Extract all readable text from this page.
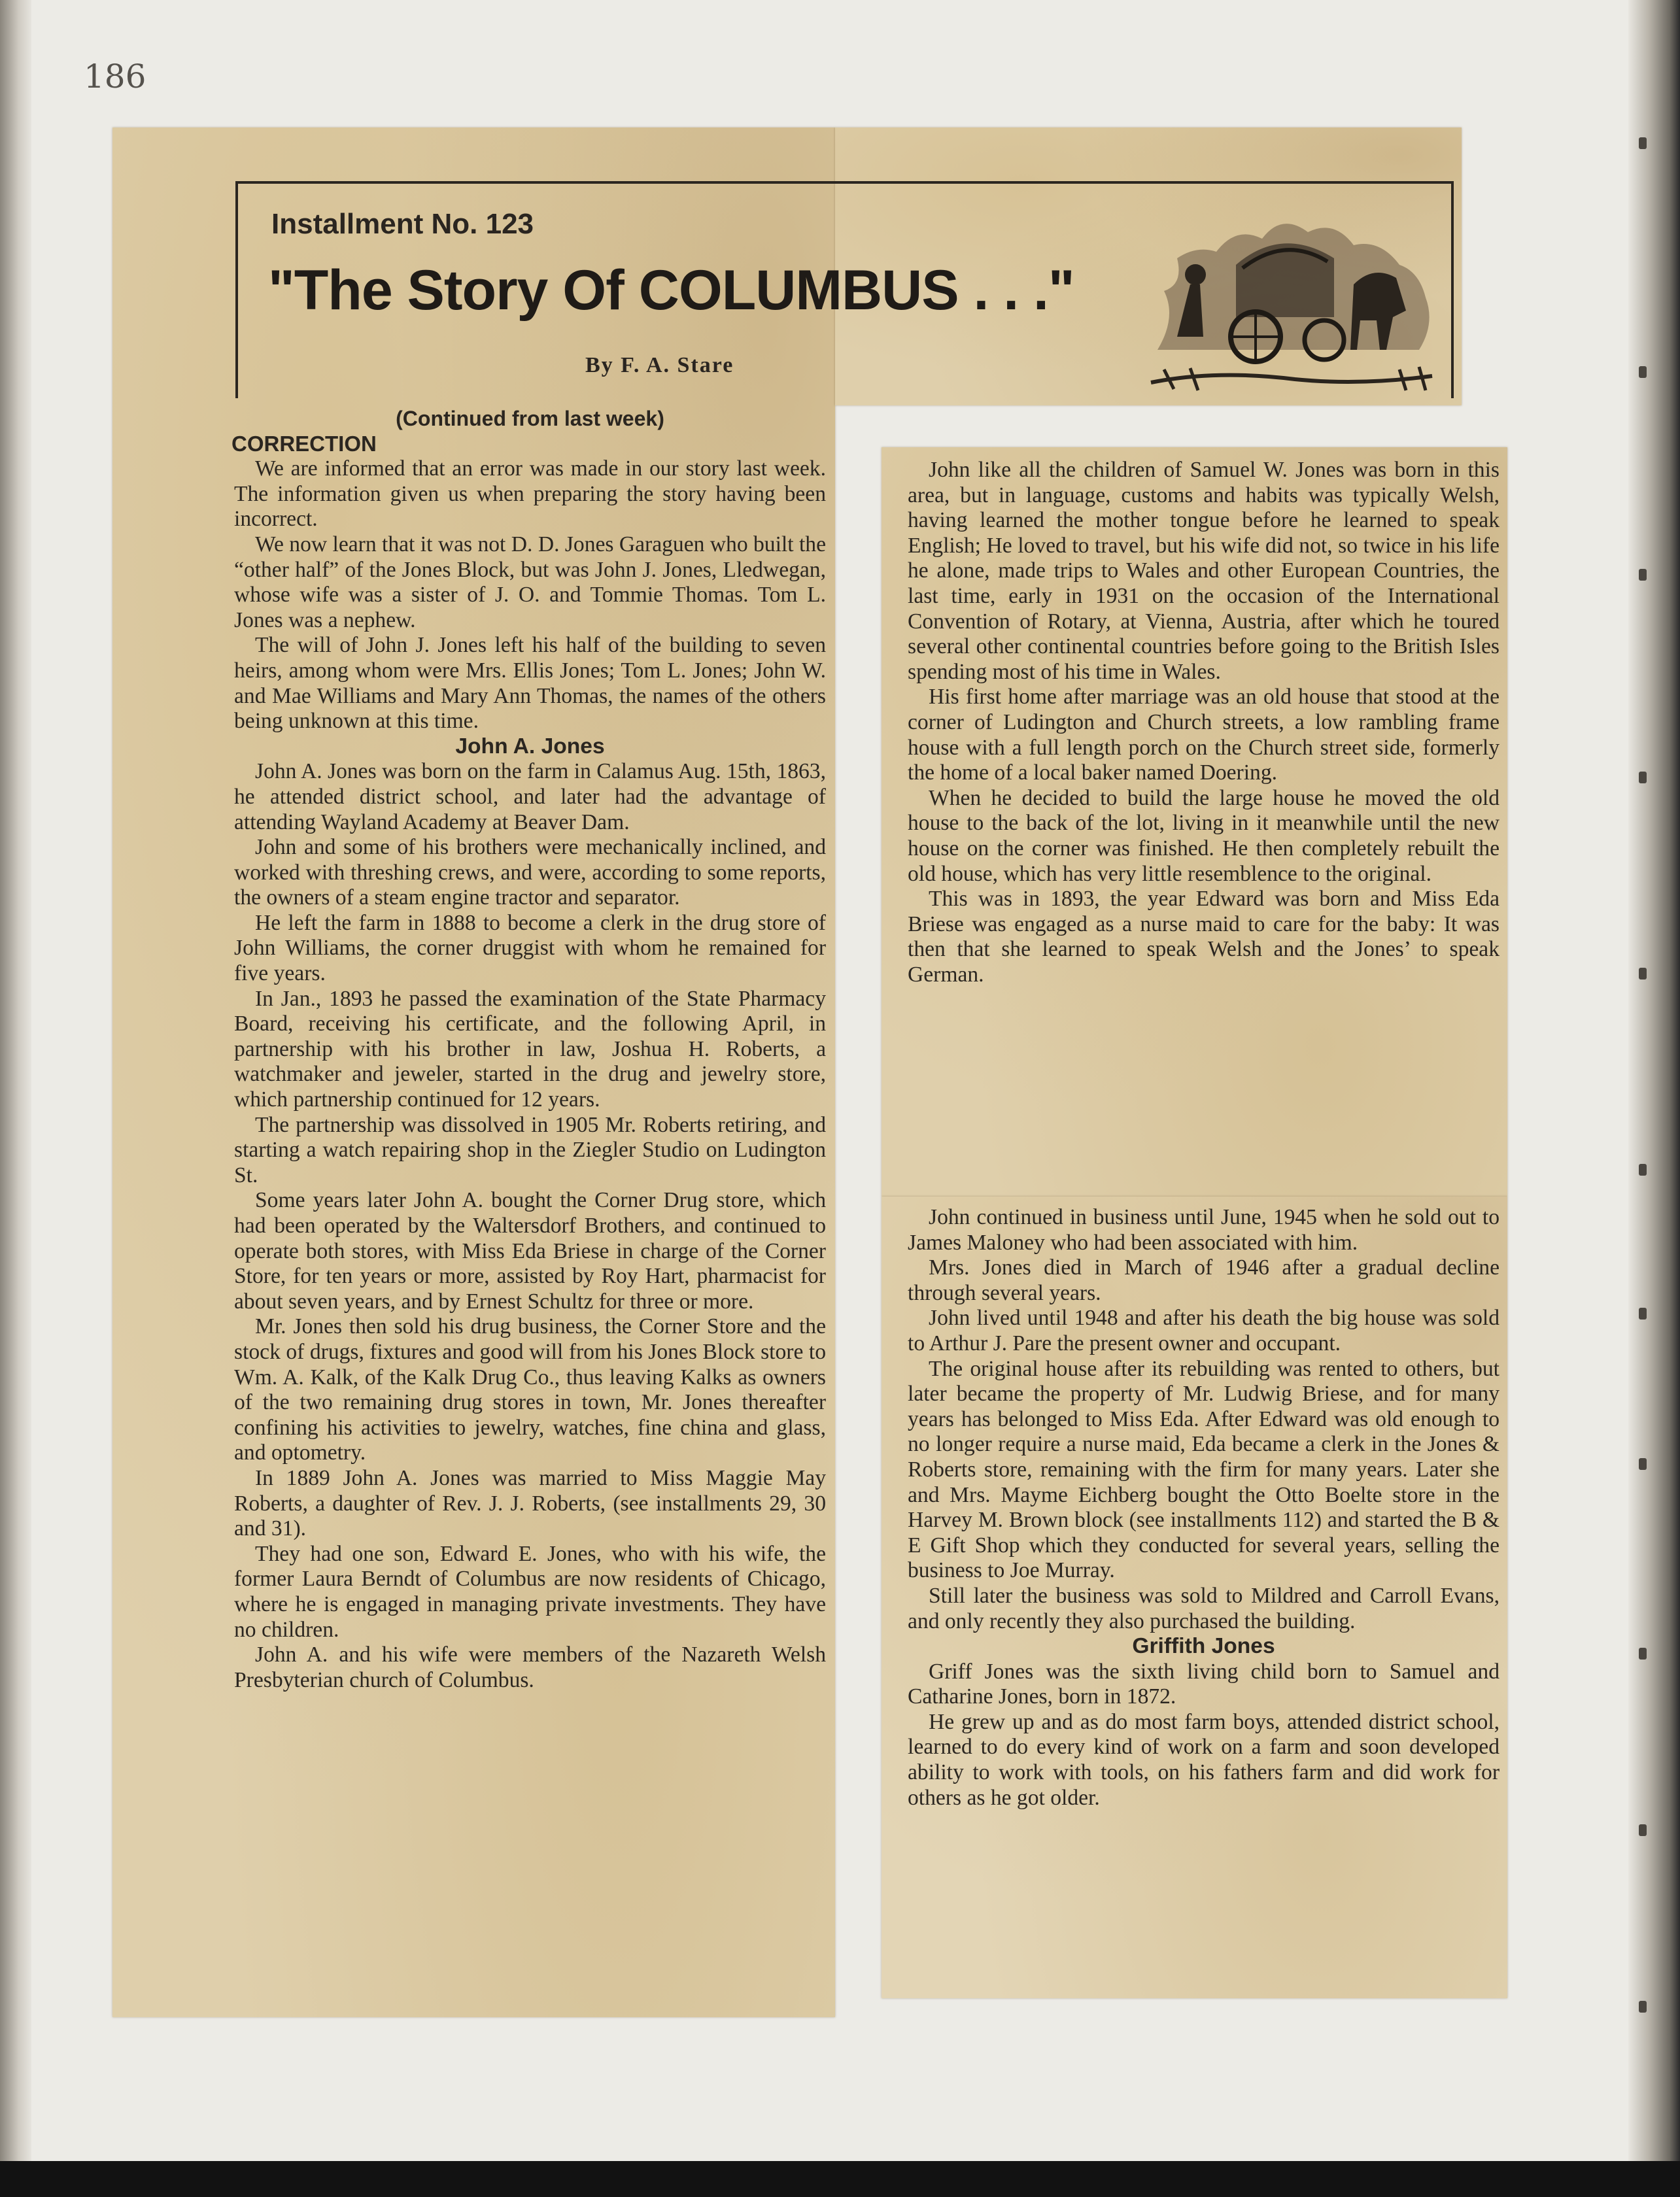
186
Installment No. 123
"The Story Of COLUMBUS . . ."
By F. A. Stare

(Continued from last week)

CORRECTION

We are informed that an error was made in our story last week. The information given us when preparing the story having been incorrect.

We now learn that it was not D. D. Jones Garaguen who built the “other half” of the Jones Block, but was John J. Jones, Lledwegan, whose wife was a sister of J. O. and Tommie Thomas. Tom L. Jones was a nephew.

The will of John J. Jones left his half of the building to seven heirs, among whom were Mrs. Ellis Jones; Tom L. Jones; John W. and Mae Williams and Mary Ann Thomas, the names of the others being unknown at this time.

John A. Jones

John A. Jones was born on the farm in Calamus Aug. 15th, 1863, he attended district school, and later had the advantage of attending Wayland Academy at Beaver Dam.

John and some of his brothers were mechanically inclined, and worked with threshing crews, and were, according to some reports, the owners of a steam engine tractor and separator.

He left the farm in 1888 to become a clerk in the drug store of John Williams, the corner druggist with whom he remained for five years.

In Jan., 1893 he passed the examination of the State Pharmacy Board, receiving his certificate, and the following April, in partnership with his brother in law, Joshua H. Roberts, a watchmaker and jeweler, started in the drug and jewelry store, which partnership continued for 12 years.

The partnership was dissolved in 1905 Mr. Roberts retiring, and starting a watch repairing shop in the Ziegler Studio on Ludington St.

Some years later John A. bought the Corner Drug store, which had been operated by the Waltersdorf Brothers, and continued to operate both stores, with Miss Eda Briese in charge of the Corner Store, for ten years or more, assisted by Roy Hart, pharmacist for about seven years, and by Ernest Schultz for three or more.

Mr. Jones then sold his drug business, the Corner Store and the stock of drugs, fixtures and good will from his Jones Block store to Wm. A. Kalk, of the Kalk Drug Co., thus leaving Kalks as owners of the two remaining drug stores in town, Mr. Jones thereafter confining his activities to jewelry, watches, fine china and glass, and optometry.

In 1889 John A. Jones was married to Miss Maggie May Roberts, a daughter of Rev. J. J. Roberts, (see installments 29, 30 and 31).

They had one son, Edward E. Jones, who with his wife, the former Laura Berndt of Columbus are now residents of Chicago, where he is engaged in managing private investments. They have no children.

John A. and his wife were members of the Nazareth Welsh Presbyterian church of Columbus.

John like all the children of Samuel W. Jones was born in this area, but in language, customs and habits was typically Welsh, having learned the mother tongue before he learned to speak English; He loved to travel, but his wife did not, so twice in his life he alone, made trips to Wales and other European Countries, the last time, early in 1931 on the occasion of the International Convention of Rotary, at Vienna, Austria, after which he toured several other continental countries before going to the British Isles spending most of his time in Wales.

His first home after marriage was an old house that stood at the corner of Ludington and Church streets, a low rambling frame house with a full length porch on the Church street side, formerly the home of a local baker named Doering.

When he decided to build the large house he moved the old house to the back of the lot, living in it meanwhile until the new house on the corner was finished. He then completely rebuilt the old house, which has very little resemblence to the original.

This was in 1893, the year Edward was born and Miss Eda Briese was engaged as a nurse maid to care for the baby: It was then that she learned to speak Welsh and the Jones’ to speak German.

John continued in business until June, 1945 when he sold out to James Maloney who had been associated with him.

Mrs. Jones died in March of 1946 after a gradual decline through several years.

John lived until 1948 and after his death the big house was sold to Arthur J. Pare the present owner and occupant.

The original house after its rebuilding was rented to others, but later became the property of Mr. Ludwig Briese, and for many years has belonged to Miss Eda. After Edward was old enough to no longer require a nurse maid, Eda became a clerk in the Jones & Roberts store, remaining with the firm for many years. Later she and Mrs. Mayme Eichberg bought the Otto Boelte store in the Harvey M. Brown block (see installments 112) and started the B & E Gift Shop which they conducted for several years, selling the business to Joe Murray.

Still later the business was sold to Mildred and Carroll Evans, and only recently they also purchased the building.

Griffith Jones

Griff Jones was the sixth living child born to Samuel and Catharine Jones, born in 1872.

He grew up and as do most farm boys, attended district school, learned to do every kind of work on a farm and soon developed ability to work with tools, on his fathers farm and did work for others as he got older.
